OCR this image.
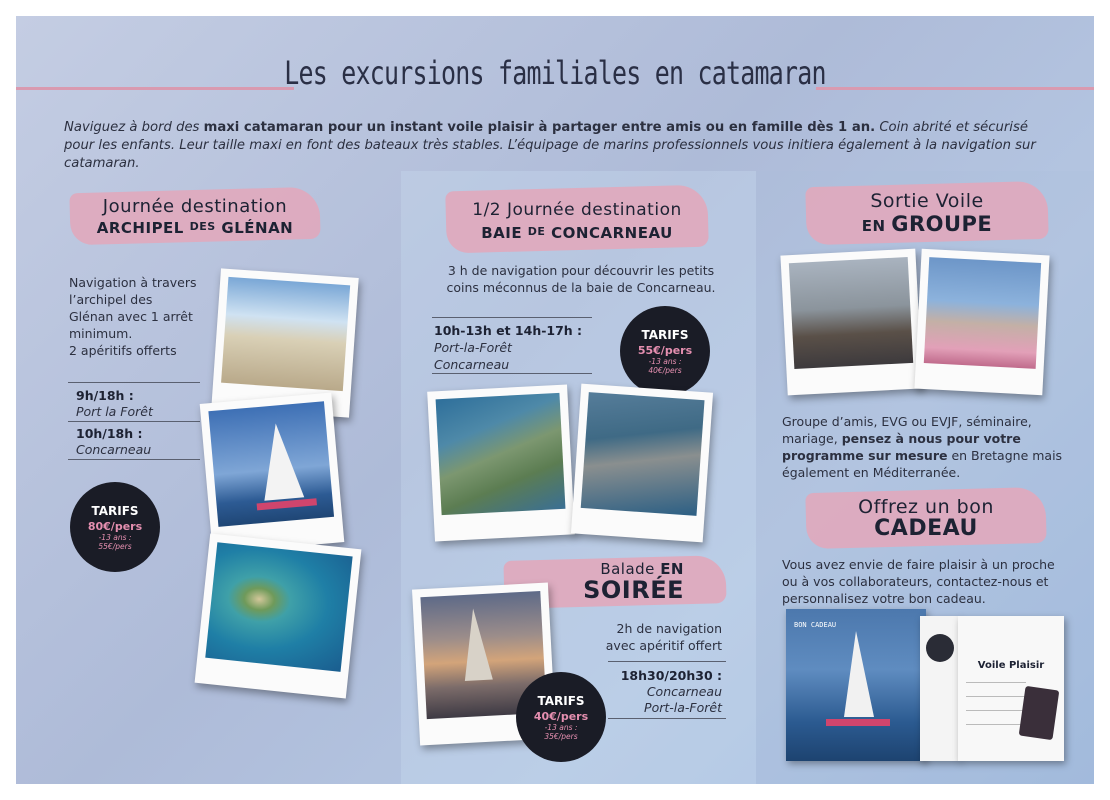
Les excursions familiales en catamaran
Naviguez à bord des maxi catamaran pour un instant voile plaisir à partager entre amis ou en famille dès 1 an. Coin abrité et sécurisé pour les enfants. Leur taille maxi en font des bateaux très stables. L’équipage de marins professionnels vous initiera également à la navigation sur catamaran.
Journée destination
ARCHIPEL $^{DES}$ GLÉNAN
Navigation à travers
l’archipel des
Glénan avec 1 arrêt
minimum.
2 apéritifs offerts
9h/18h :
Port la Forêt
10h/18h :
Concarneau
TARIFS
80€/pers
-13 ans :
55€/pers
1/2 Journée destination
BAIE $^{DE}$ CONCARNEAU
3 h de navigation pour découvrir les petits
coins méconnus de la baie de Concarneau.
10h-13h et 14h-17h :
Port-la-Forêt
Concarneau
TARIFS
55€/pers
-13 ans :
40€/pers
Balade EN
SOIRÉE
2h de navigation
avec apéritif offert
18h30/20h30 :
Concarneau
Port-la-Forêt
TARIFS
40€/pers
-13 ans :
35€/pers
Sortie Voile
EN GROUPE
Groupe d’amis, EVG ou EVJF, séminaire,
mariage, pensez à nous pour votre
programme sur mesure en Bretagne mais
également en Méditerranée.
Offrez un bon
CADEAU
Vous avez envie de faire plaisir à un proche
ou à vos collaborateurs, contactez-nous et
personnalisez votre bon cadeau.
BON CADEAU
Voile Plaisir
